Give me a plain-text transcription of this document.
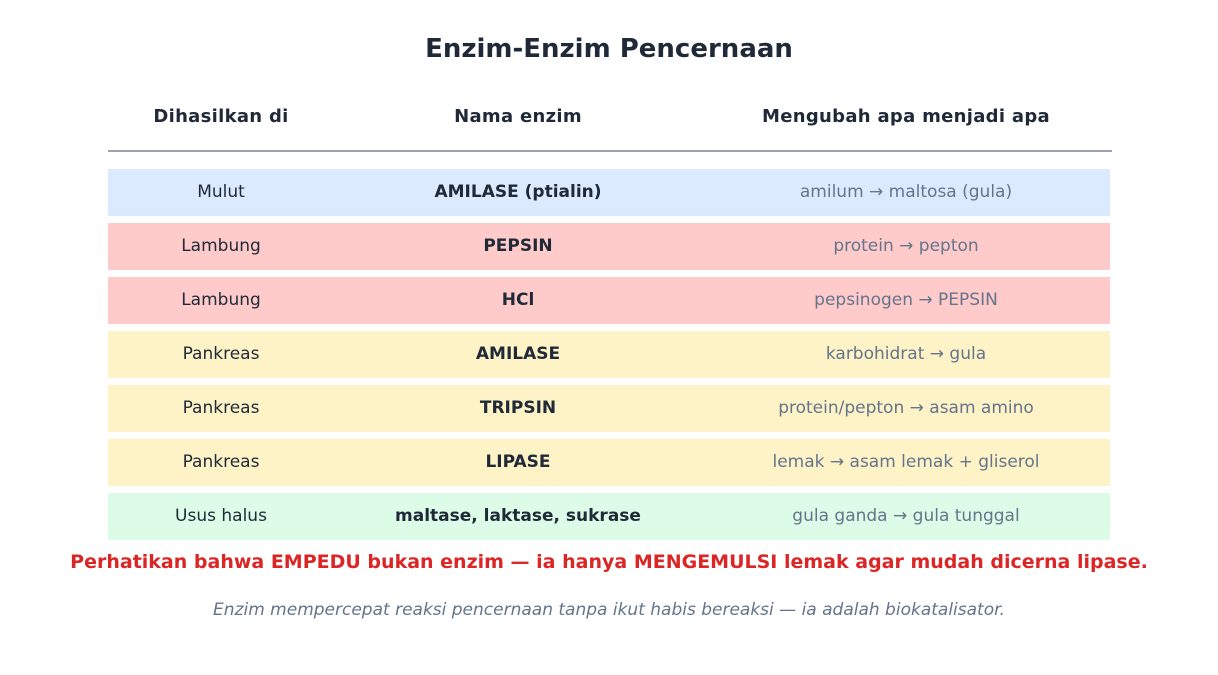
Enzim-Enzim Pencernaan
Dihasilkan di	Nama enzim	Mengubah apa menjadi apa
Mulut	AMILASE (ptialin)	amilum → maltosa (gula)
Lambung	PEPSIN	protein → pepton
Lambung	HCl	pepsinogen → PEPSIN
Pankreas	AMILASE	karbohidrat → gula
Pankreas	TRIPSIN	protein/pepton → asam amino
Pankreas	LIPASE	lemak → asam lemak + gliserol
Usus halus	maltase, laktase, sukrase	gula ganda → gula tunggal
Perhatikan bahwa EMPEDU bukan enzim — ia hanya MENGEMULSI lemak agar mudah dicerna lipase.
Enzim mempercepat reaksi pencernaan tanpa ikut habis bereaksi — ia adalah biokatalisator.
